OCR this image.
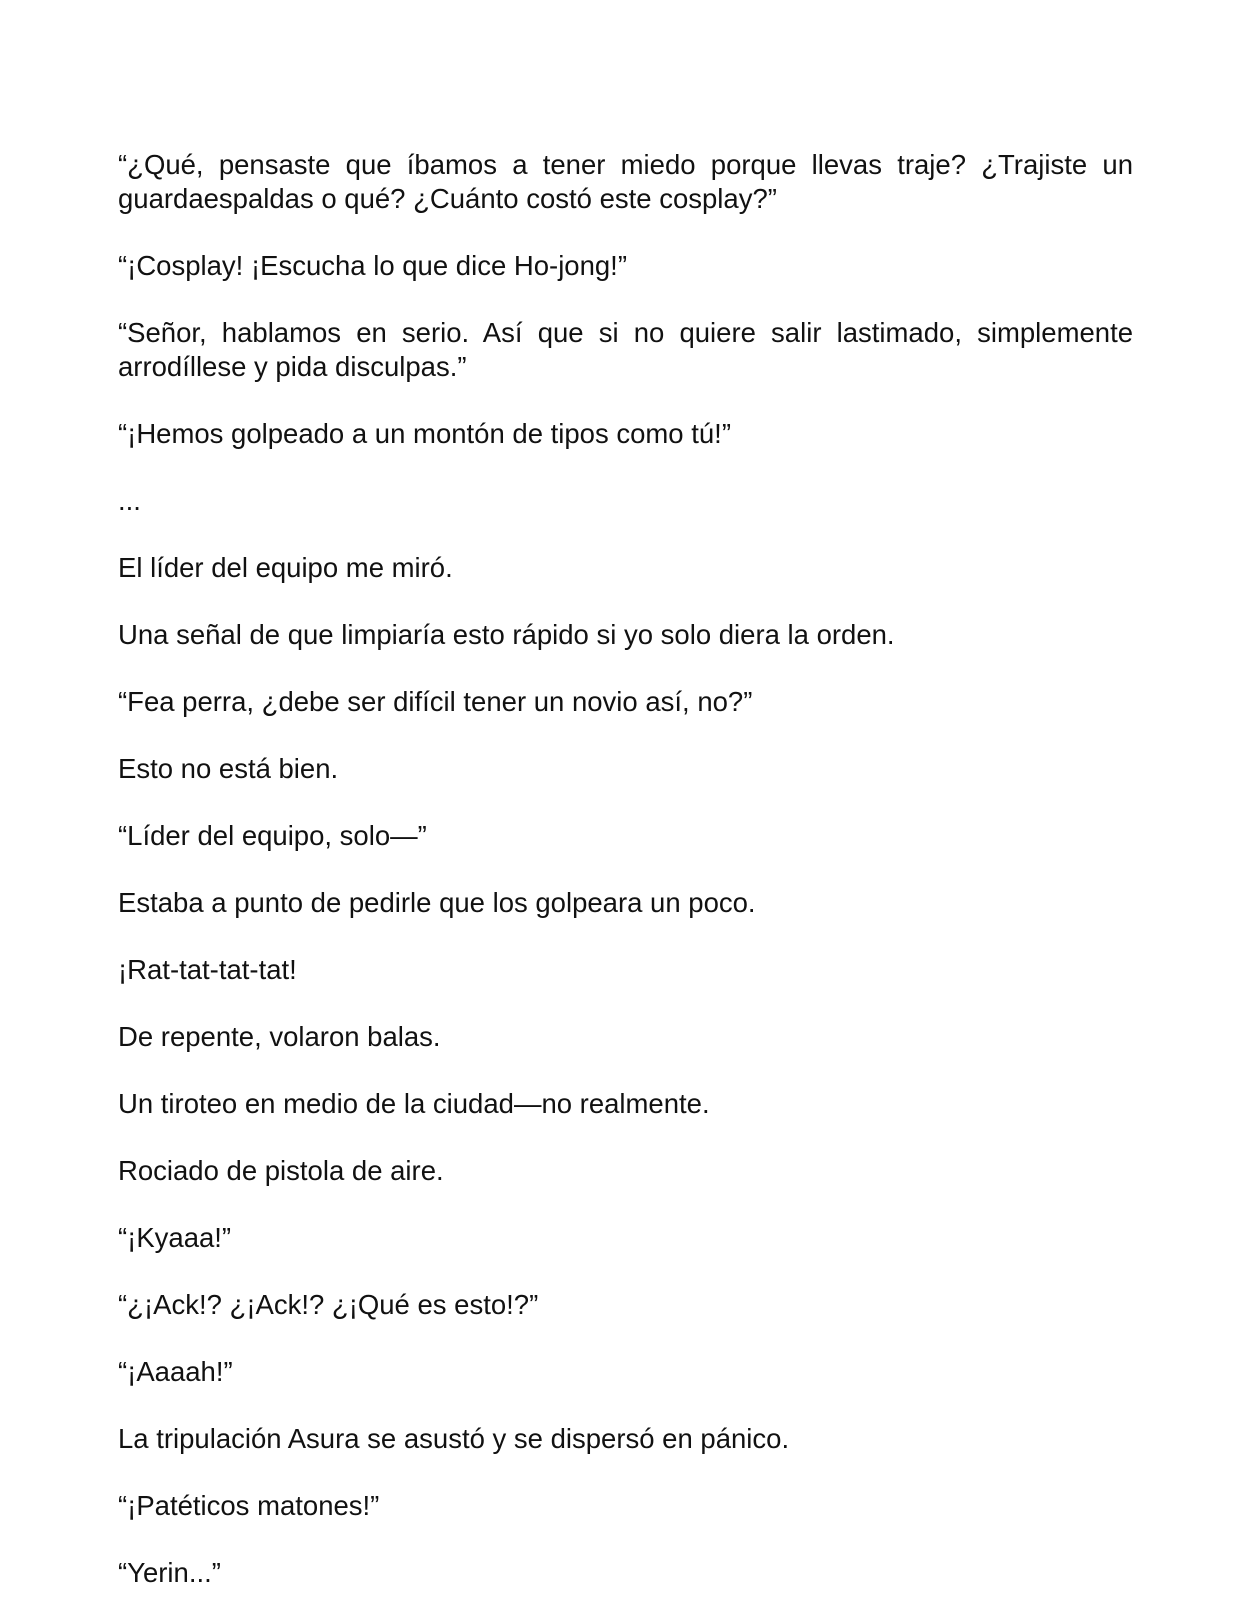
“¿Qué, pensaste que íbamos a tener miedo porque llevas traje? ¿Trajiste un guardaespaldas o qué? ¿Cuánto costó este cosplay?”

“¡Cosplay! ¡Escucha lo que dice Ho-jong!”

“Señor, hablamos en serio. Así que si no quiere salir lastimado, simplemente arrodíllese y pida disculpas.”

“¡Hemos golpeado a un montón de tipos como tú!”

...

El líder del equipo me miró.

Una señal de que limpiaría esto rápido si yo solo diera la orden.

“Fea perra, ¿debe ser difícil tener un novio así, no?”

Esto no está bien.

“Líder del equipo, solo—”

Estaba a punto de pedirle que los golpeara un poco.

¡Rat-tat-tat-tat!

De repente, volaron balas.

Un tiroteo en medio de la ciudad—no realmente.

Rociado de pistola de aire.

“¡Kyaaa!”

“¿¡Ack!? ¿¡Ack!? ¿¡Qué es esto!?”

“¡Aaaah!”

La tripulación Asura se asustó y se dispersó en pánico.

“¡Patéticos matones!”

“Yerin...”
